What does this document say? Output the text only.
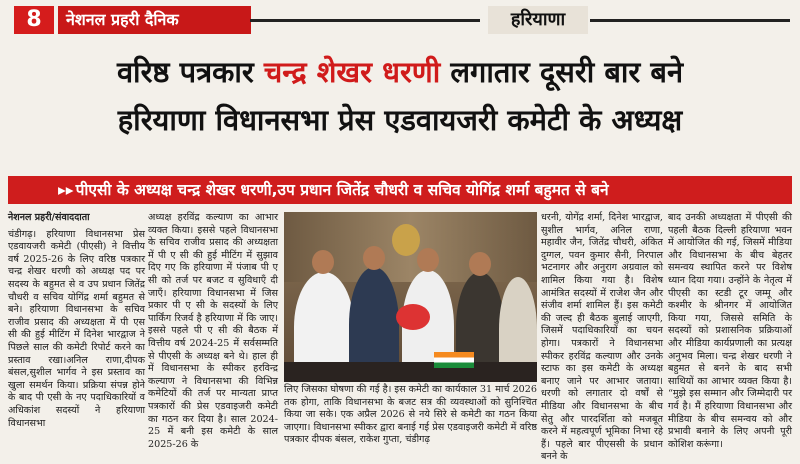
8	नेशनल प्रहरी दैनिक	हरियाणा
वरिष्ठ पत्रकार चन्द्र शेखर धरणी लगातार दूसरी बार बने
हरियाणा विधानसभा प्रेस एडवायजरी कमेटी के अध्यक्ष
▸▸ पीएसी के अध्यक्ष चन्द्र शेखर धरणी,उप प्रधान जितेंद्र चौधरी व सचिव योगिंद्र शर्मा बहुमत से बने
नेशनल प्रहरी/संवाददाता
चंडीगढ़। हरियाणा विधानसभा प्रेस एडवायजरी कमेटी (पीएसी) ने वित्तीय वर्ष 2025-26 के लिए वरिष्ठ पत्रकार चन्द्र शेखर धरणी को अध्यक्ष पद पर सदस्य के बहुमत से व उप प्रधान जितेंद्र चौधरी व सचिव योगिंद्र शर्मा बहुमत से बने। हरियाणा विधानसभा के सचिव राजीव प्रसाद की अध्यक्षता में पी एस सी की हुई मीटिंग में दिनेश भारद्वाज ने पिछले साल की कमेटी रिपोर्ट करने का प्रस्ताव रखा।अनिल राणा,दीपक बंसल,सुशील भार्गव ने इस प्रस्ताव का खुला समर्थन किया। प्रक्रिया संपन्न होने के बाद पी एसी के नए पदाधिकारियों व अधिकांश सदस्यों ने हरियाणा विधानसभा
अध्यक्ष हरविंद्र कल्याण का आभार व्यक्त किया। इससे पहले विधानसभा के सचिव राजीव प्रसाद की अध्यक्षता में पी ए सी की हुई मीटिंग में सुझाव दिए गए कि हरियाणा में पंजाब पी ए सी को तर्ज पर बजट व सुविधाएँ दी जाएँ। हरियाणा विधानसभा में जिस प्रकार पी ए सी के सदस्यों के लिए पार्किंग रिजर्व है हरियाणा में कि जाए। इससे पहले पी ए सी की बैठक में वित्तीय वर्ष 2024-25 में सर्वसम्मति से पीएसी के अध्यक्ष बने थे। हाल ही में विधानसभा के स्पीकर हरविन्द्र कल्याण ने विधानसभा की विभिन्न कमेटियों की तर्ज पर मान्यता प्राप्त पत्रकारों की प्रेस एडवाइजरी कमेटी का गठन कर दिया है। साल 2024-25 में बनी इस कमेटी के साल 2025-26 के
लिए जिसका घोषणा की गई है। इस कमेटी का कार्यकाल 31 मार्च 2026 तक होगा, ताकि विधानसभा के बजट सत्र की व्यवस्थाओं को सुनिश्चित किया जा सके। एक अप्रैल 2026 से नये सिरे से कमेटी का गठन किया जाएगा। विधानसभा स्पीकर द्वारा बनाई गई प्रेस एडवाइजरी कमेटी में वरिष्ठ पत्रकार दीपक बंसल, राकेश गुप्ता, चंडीगढ़
धरनी, योगेंद्र शर्मा, दिनेश भारद्वाज, सुशील भार्गव, अनिल राणा, महावीर जैन, जितेंद्र चौधरी, अंकित दुग्गल, पवन कुमार सैनी, निरपाल भटनागर और अनुराग अग्रवाल को शामिल किया गया है। विशेष आमंत्रित सदस्यों में राजेश जैन और संजीव शर्मा शामिल हैं। इस कमेटी की जल्द ही बैठक बुलाई जाएगी, जिसमें पदाधिकारियों का चयन होगा। पत्रकारों ने विधानसभा स्पीकर हरविंद्र कल्याण और उनके स्टाफ का इस कमेटी के अध्यक्ष बनाए जाने पर आभार जताया। धरणी को लगातार दो वर्षों से मीडिया और विधानसभा के बीच सेतु और पारदर्शिता को मजबूत करने में महत्वपूर्ण भूमिका निभा रहे हैं। पहले बार पीएससी के प्रधान बनने के
बाद उनकी अध्यक्षता में पीएसी की पहली बैठक दिल्ली हरियाणा भवन में आयोजित की गई, जिसमें मीडिया और विधानसभा के बीच बेहतर समन्वय स्थापित करने पर विशेष ध्यान दिया गया। उन्होंने के नेतृत्व में पीएसी का स्टडी टूर जम्मू और कश्मीर के श्रीनगर में आयोजित किया गया, जिससे समिति के सदस्यों को प्रशासनिक प्रक्रियाओं और मीडिया कार्यप्रणाली का प्रत्यक्ष अनुभव मिला। चन्द्र शेखर धरणी ने बहुमत से बनने के बाद सभी साथियों का आभार व्यक्त किया है। “मुझे इस सम्मान और जिम्मेदारी पर गर्व है। मैं हरियाणा विधानसभा और मीडिया के बीच समन्वय को और प्रभावी बनाने के लिए अपनी पूरी कोशिश करूंगा।
